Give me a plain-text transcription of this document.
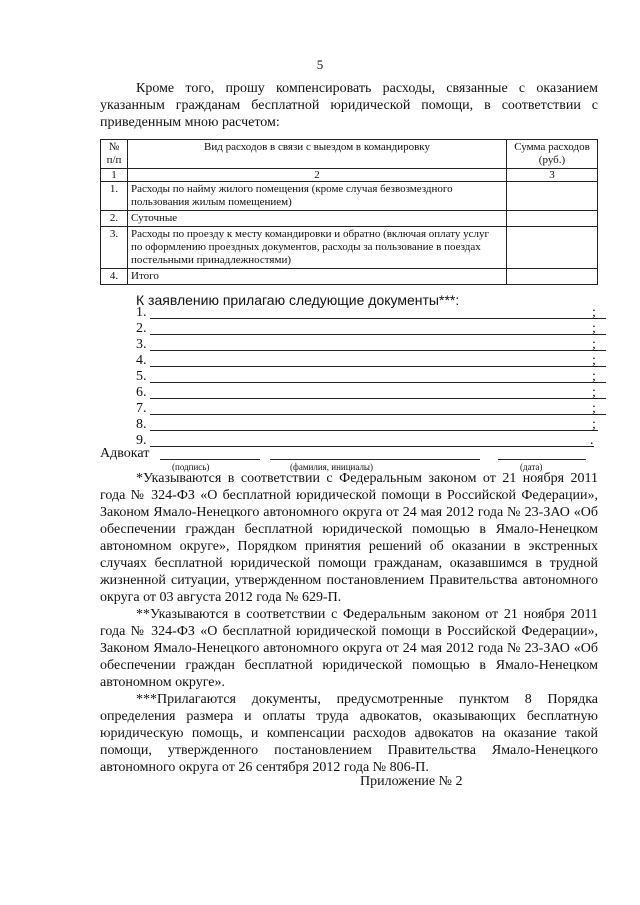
5
Кроме того, прошу компенсировать расходы, связанные с оказанием указанным гражданам бесплатной юридической помощи, в соответствии с приведенным мною расчетом:
№ п/п	Вид расходов в связи с выездом в командировку	Сумма расходов (руб.)
1	2	3
1.	Расходы по найму жилого помещения (кроме случая безвозмездного пользования жилым помещением)	
2.	Суточные	
3.	Расходы по проезду к месту командировки и обратно (включая оплату услуг по оформлению проездных документов, расходы за пользование в поездах постельными принадлежностями)	
4.	Итого	
К заявлению прилагаю следующие документы***:
1.	;
2.	;
3.	;
4.	;
5.	;
6.	;
7.	;
8.	;
9.	.
Адвокат
(подпись)	(фамилия, инициалы)	(дата)

*Указываются в соответствии с Федеральным законом от 21 ноября 2011 года № 324-ФЗ «О бесплатной юридической помощи в Российской Федерации», Законом Ямало-Ненецкого автономного округа от 24 мая 2012 года № 23-ЗАО «Об обеспечении граждан бесплатной юридической помощью в Ямало-Ненецком автономном округе», Порядком принятия решений об оказании в экстренных случаях бесплатной юридической помощи гражданам, оказавшимся в трудной жизненной ситуации, утвержденном постановлением Правительства автономного округа от 03 августа 2012 года № 629-П.

**Указываются в соответствии с Федеральным законом от 21 ноября 2011 года № 324-ФЗ «О бесплатной юридической помощи в Российской Федерации», Законом Ямало-Ненецкого автономного округа от 24 мая 2012 года № 23-ЗАО «Об обеспечении граждан бесплатной юридической помощью в Ямало-Ненецком автономном округе».

***Прилагаются документы, предусмотренные пунктом 8 Порядка определения размера и оплаты труда адвокатов, оказывающих бесплатную юридическую помощь, и компенсации расходов адвокатов на оказание такой помощи, утвержденного постановлением Правительства Ямало-Ненецкого автономного округа от 26 сентября 2012 года № 806-П.

Приложение № 2
